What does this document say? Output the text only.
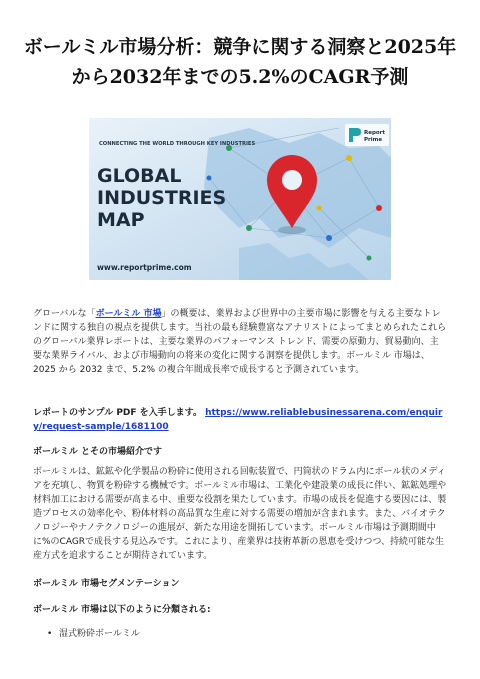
ボールミル市場分析：競争に関する洞察と2025年から2032年までの5.2%のCAGR予測
CONNECTING THE WORLD THROUGH KEY INDUSTRIES
GLOBAL
INDUSTRIES
MAP
www.reportprime.com
Report
Prime

グローバルな「ボールミル 市場」の概要は、業界および世界中の主要市場に影響を与える主要なトレンドに関する独自の視点を提供します。当社の最も経験豊富なアナリストによってまとめられたこれらのグローバル業界レポートは、主要な業界のパフォーマンス トレンド、需要の原動力、貿易動向、主要な業界ライバル、および市場動向の将来の変化に関する洞察を提供します。ボールミル 市場は、2025 から 2032 まで、5.2% の複合年間成長率で成長すると予測されています。

レポートのサンプル PDF を入手します。 https://www.reliablebusinessarena.com/enquiry/request-sample/1681100

ボールミル とその市場紹介です

ボールミルは、鉱鉱や化学製品の粉砕に使用される回転装置で、円筒状のドラム内にボール状のメディアを充填し、物質を粉砕する機械です。ボールミル市場は、工業化や建設業の成長に伴い、鉱鉱処理や材料加工における需要が高まる中、重要な役割を果たしています。市場の成長を促進する要因には、製造プロセスの効率化や、粉体材料の高品質な生産に対する需要の増加が含まれます。また、バイオテクノロジーやナノテクノロジーの進展が、新たな用途を開拓しています。ボールミル市場は予測期間中に%のCAGRで成長する見込みです。これにより、産業界は技術革新の恩恵を受けつつ、持続可能な生産方式を追求することが期待されています。

ボールミル 市場セグメンテーション

ボールミル 市場は以下のように分類される:

• 湿式粉砕ボールミル
